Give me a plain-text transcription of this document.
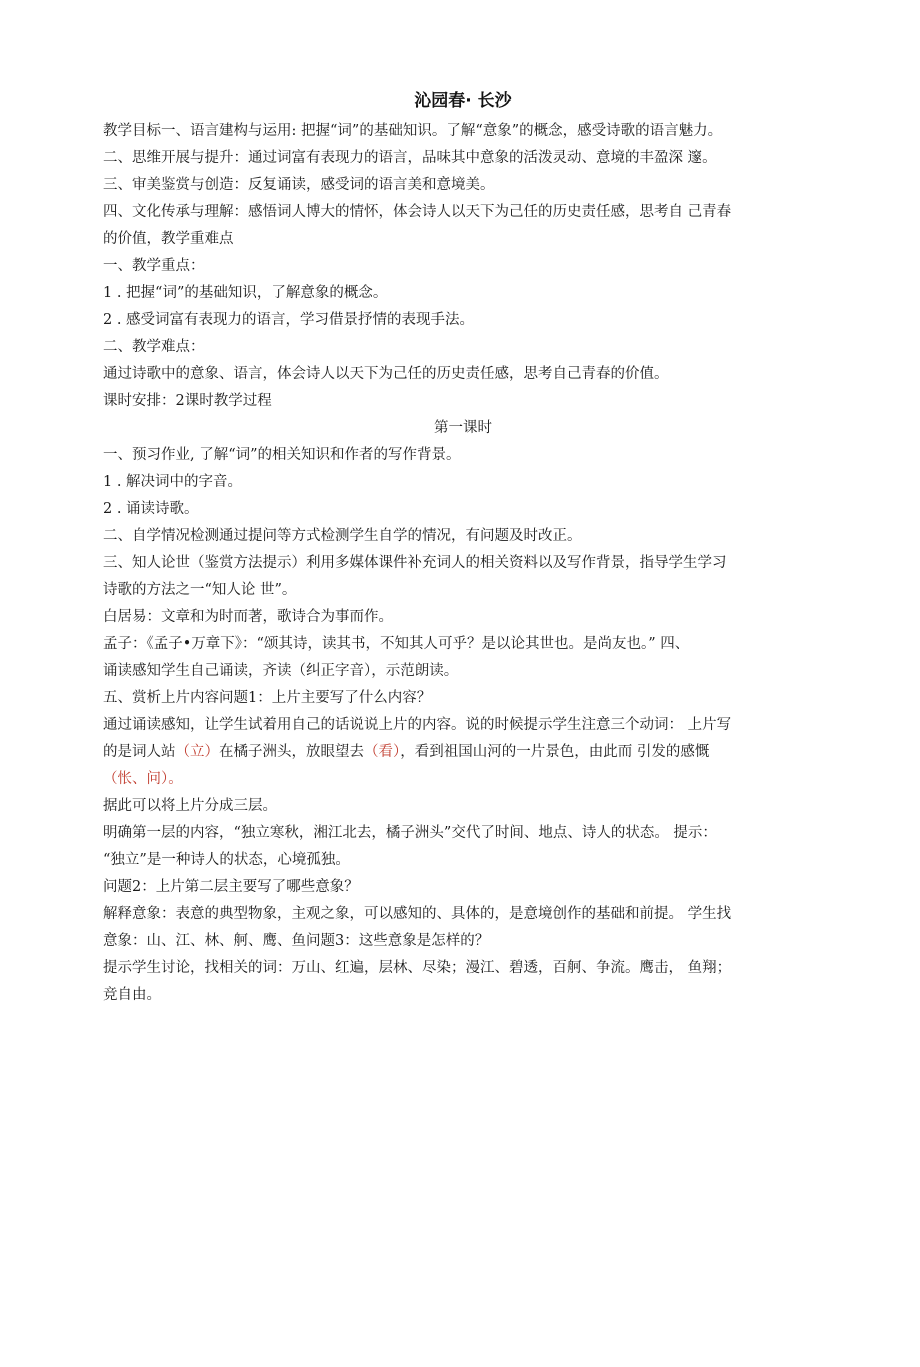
沁园春· 长沙

教学目标一、语言建构与运用: 把握“词”的基础知识。了解“意象”的概念，感受诗歌的语言魅力。

二、思维开展与提升：通过词富有表现力的语言，品味其中意象的活泼灵动、意境的丰盈深 邃。

三、审美鉴赏与创造：反复诵读，感受词的语言美和意境美。

四、文化传承与理解：感悟词人博大的情怀，体会诗人以天下为己任的历史责任感，思考自 己青春

的价值，教学重难点

一、教学重点：

1 . 把握“词”的基础知识，了解意象的概念。

2 . 感受词富有表现力的语言，学习借景抒情的表现手法。

二、教学难点：

通过诗歌中的意象、语言，体会诗人以天下为己任的历史责任感，思考自己青春的价值。

课时安排：2课时教学过程

第一课时

一、预习作业, 了解“词”的相关知识和作者的写作背景。

1 . 解决词中的字音。

2 . 诵读诗歌。

二、自学情况检测通过提问等方式检测学生自学的情况，有问题及时改正。

三、知人论世（鉴赏方法提示）利用多媒体课件补充词人的相关资料以及写作背景，指导学生学习

诗歌的方法之一“知人论 世”。

白居易：文章和为时而著，歌诗合为事而作。

孟子：《孟子•万章下》：“颂其诗，读其书，不知其人可乎？是以论其世也。是尚友也。” 四、

诵读感知学生自己诵读，齐读（纠正字音），示范朗读。

五、赏析上片内容问题1：上片主要写了什么内容？

通过诵读感知，让学生试着用自己的话说说上片的内容。说的时候提示学生注意三个动词： 上片写

的是词人站（立）在橘子洲头，放眼望去（看），看到祖国山河的一片景色，由此而 引发的感慨

（怅、问）。

据此可以将上片分成三层。

明确第一层的内容，“独立寒秋，湘江北去，橘子洲头”交代了时间、地点、诗人的状态。 提示：

“独立”是一种诗人的状态，心境孤独。

问题2：上片第二层主要写了哪些意象？

解释意象：表意的典型物象，主观之象，可以感知的、具体的，是意境创作的基础和前提。 学生找

意象：山、江、林、舸、鹰、鱼问题3：这些意象是怎样的？

提示学生讨论，找相关的词：万山、红遍，层林、尽染；漫江、碧透，百舸、争流。鹰击， 鱼翔；

竞自由。
